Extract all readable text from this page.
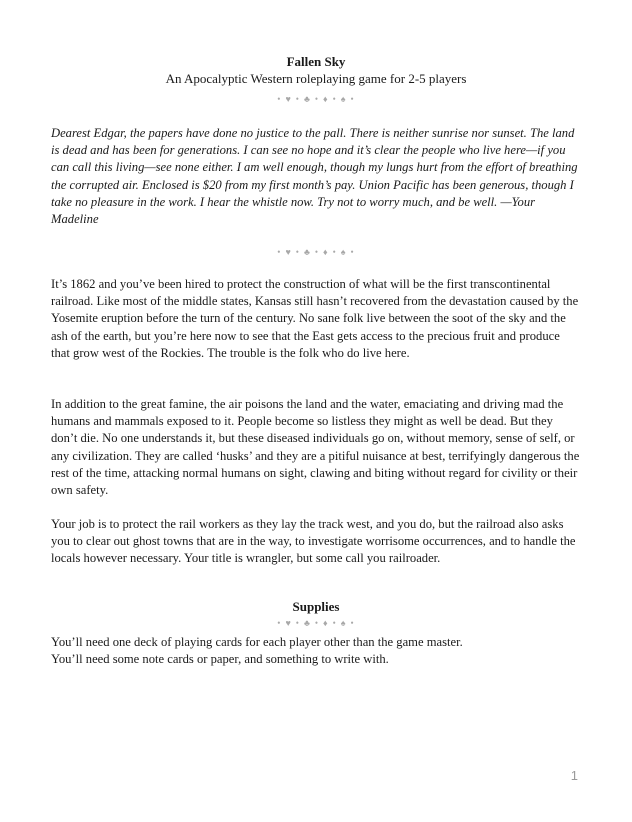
Fallen Sky
An Apocalyptic Western roleplaying game for 2-5 players
• ♥ • ♣ • ♦ • ♠ •
Dearest Edgar, the papers have done no justice to the pall. There is neither sunrise nor sunset. The land is dead and has been for generations. I can see no hope and it’s clear the people who live here—if you can call this living—see none either. I am well enough, though my lungs hurt from the effort of breathing the corrupted air. Enclosed is $20 from my first month’s pay. Union Pacific has been generous, though I take no pleasure in the work. I hear the whistle now. Try not to worry much, and be well. —Your Madeline
• ♥ • ♣ • ♦ • ♠ •
It’s 1862 and you’ve been hired to protect the construction of what will be the first transcontinental railroad. Like most of the middle states, Kansas still hasn’t recovered from the devastation caused by the Yosemite eruption before the turn of the century. No sane folk live between the soot of the sky and the ash of the earth, but you’re here now to see that the East gets access to the precious fruit and produce that grow west of the Rockies. The trouble is the folk who do live here.
In addition to the great famine, the air poisons the land and the water, emaciating and driving mad the humans and mammals exposed to it. People become so listless they might as well be dead. But they don’t die. No one understands it, but these diseased individuals go on, without memory, sense of self, or any civilization. They are called ‘husks’ and they are a pitiful nuisance at best, terrifyingly dangerous the rest of the time, attacking normal humans on sight, clawing and biting without regard for civility or their own safety.
Your job is to protect the rail workers as they lay the track west, and you do, but the railroad also asks you to clear out ghost towns that are in the way, to investigate worrisome occurrences, and to handle the locals however necessary. Your title is wrangler, but some call you railroader.
Supplies
• ♥ • ♣ • ♦ • ♠ •
You’ll need one deck of playing cards for each player other than the game master.
You’ll need some note cards or paper, and something to write with.
1
